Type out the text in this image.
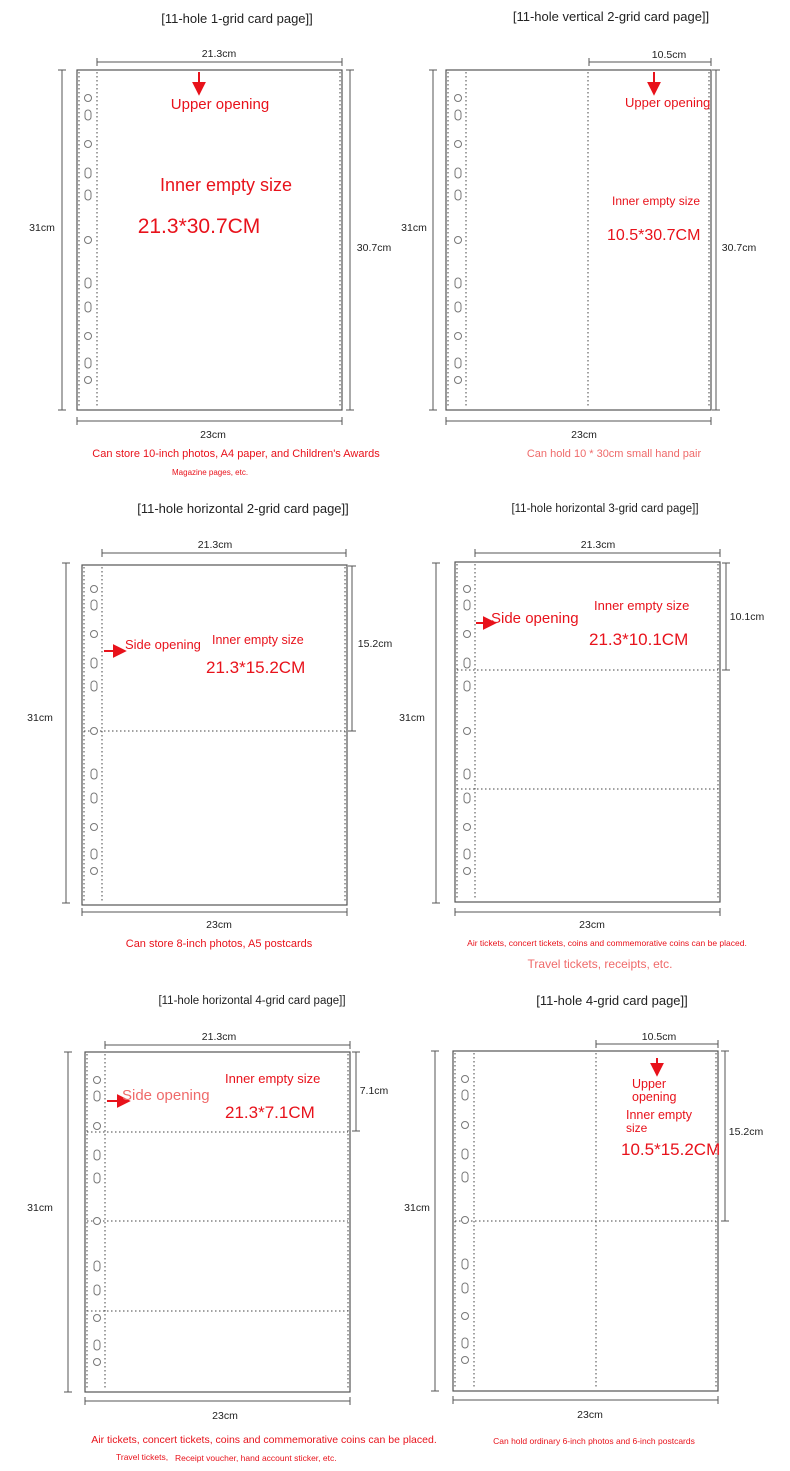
[11-hole 1-grid card page]]
21.3cm
31cm
30.7cm
Upper opening
Inner empty size
21.3*30.7CM
23cm
Can store 10-inch photos, A4 paper, and Children's Awards
Magazine pages, etc.
[11-hole vertical 2-grid card page]]
10.5cm
31cm
30.7cm
Upper opening
Inner empty size
10.5*30.7CM
23cm
Can hold 10 * 30cm small hand pair
[11-hole horizontal 2-grid card page]]
21.3cm
31cm
15.2cm
Side opening Inner empty size
21.3*15.2CM
23cm
Can store 8-inch photos, A5 postcards
[11-hole horizontal 3-grid card page]]
21.3cm
31cm
10.1cm
Side opening
Inner empty size
21.3*10.1CM
23cm
Air tickets, concert tickets, coins and commemorative coins can be placed.
Travel tickets, receipts, etc.
[11-hole horizontal 4-grid card page]]
21.3cm
31cm
7.1cm
Side opening
Inner empty size
21.3*7.1CM
23cm
Air tickets, concert tickets, coins and commemorative coins can be placed.
Travel tickets, Receipt voucher, hand account sticker, etc.
[11-hole 4-grid card page]]
10.5cm
31cm
15.2cm
Upper
opening
Inner empty
size
10.5*15.2CM
23cm
Can hold ordinary 6-inch photos and 6-inch postcards
